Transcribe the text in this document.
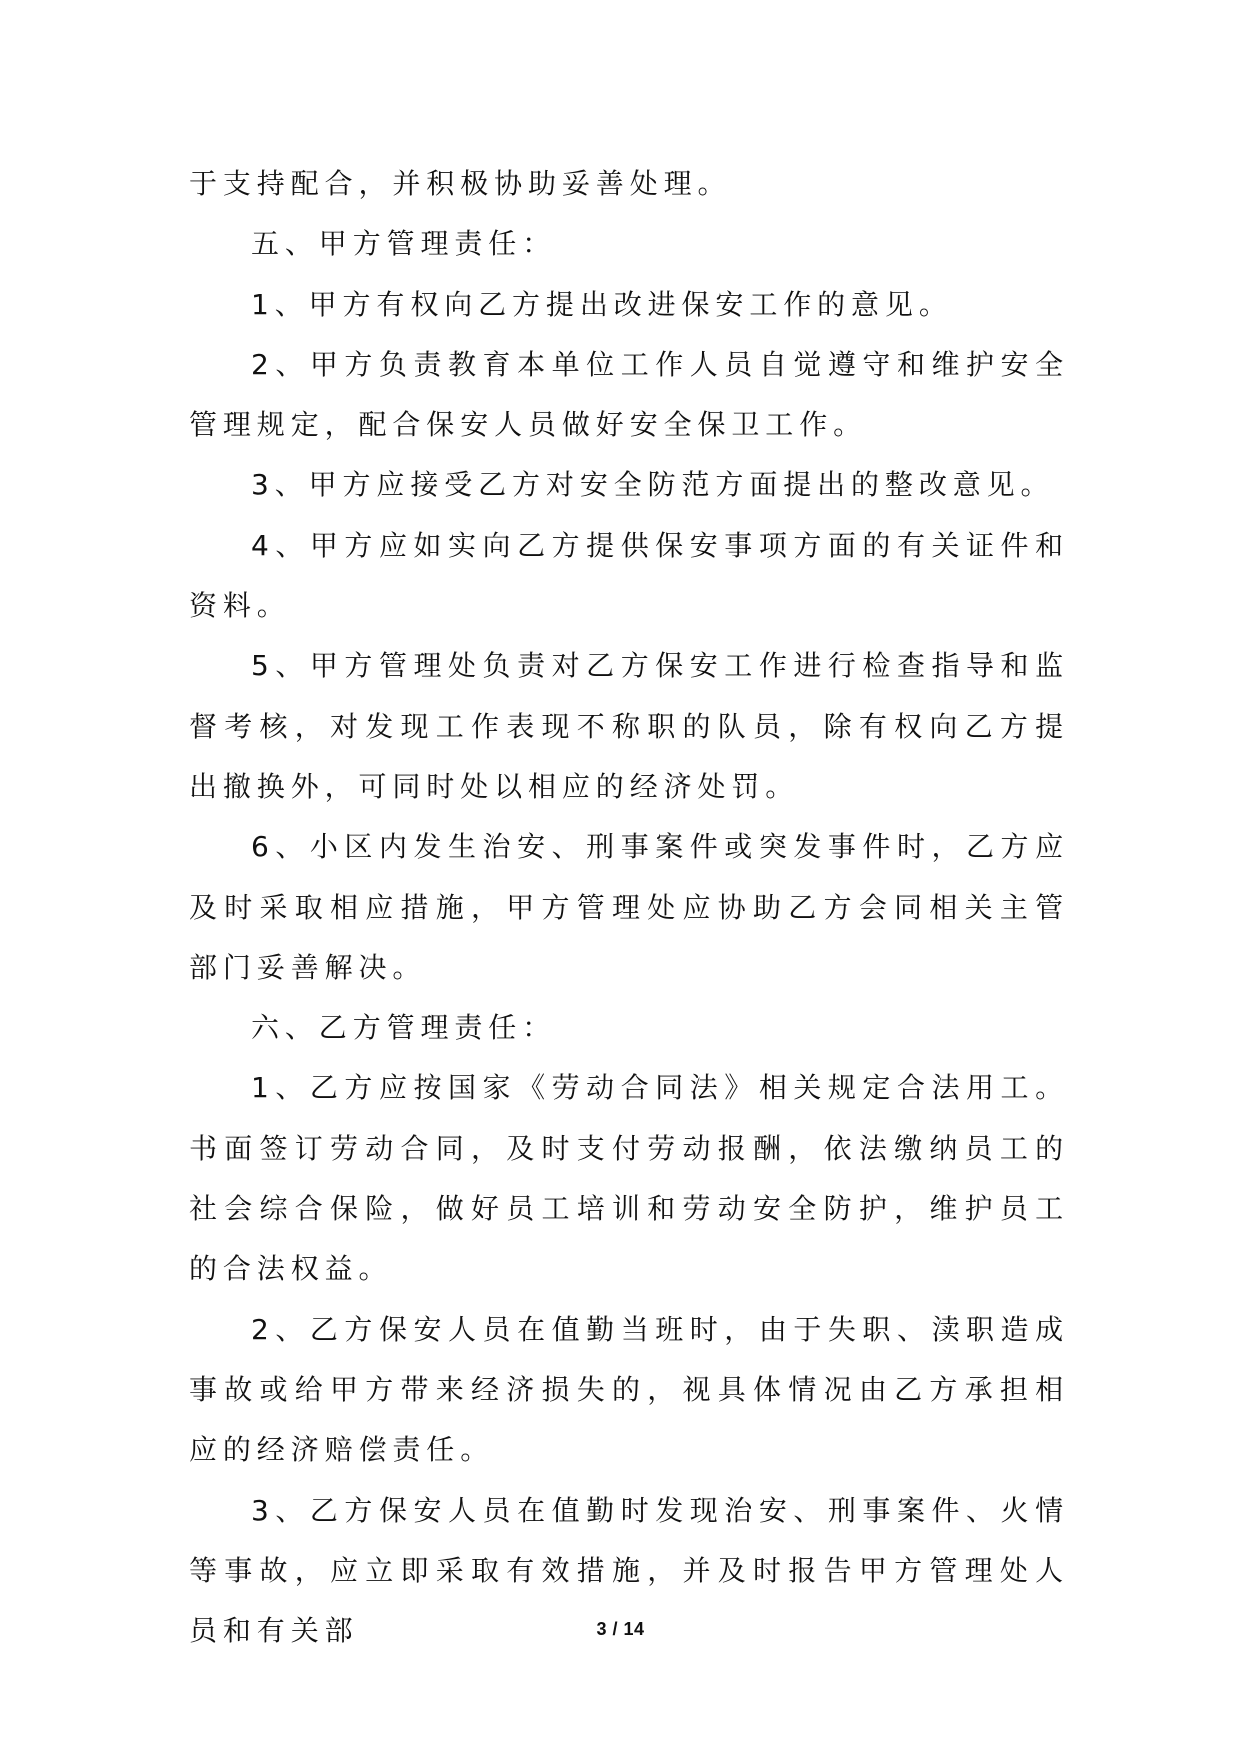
于支持配合，并积极协助妥善处理。

五、甲方管理责任：

1、甲方有权向乙方提出改进保安工作的意见。

2、甲方负责教育本单位工作人员自觉遵守和维护安全管理规定，配合保安人员做好安全保卫工作。

3、甲方应接受乙方对安全防范方面提出的整改意见。

4、甲方应如实向乙方提供保安事项方面的有关证件和资料。

5、甲方管理处负责对乙方保安工作进行检查指导和监督考核，对发现工作表现不称职的队员，除有权向乙方提出撤换外，可同时处以相应的经济处罚。

6、小区内发生治安、刑事案件或突发事件时，乙方应及时采取相应措施，甲方管理处应协助乙方会同相关主管部门妥善解决。

六、乙方管理责任：

1、乙方应按国家《劳动合同法》相关规定合法用工。书面签订劳动合同，及时支付劳动报酬，依法缴纳员工的社会综合保险，做好员工培训和劳动安全防护，维护员工的合法权益。

2、乙方保安人员在值勤当班时，由于失职、渎职造成事故或给甲方带来经济损失的，视具体情况由乙方承担相应的经济赔偿责任。

3、乙方保安人员在值勤时发现治安、刑事案件、火情等事故，应立即采取有效措施，并及时报告甲方管理处人员和有关部	3 / 14
